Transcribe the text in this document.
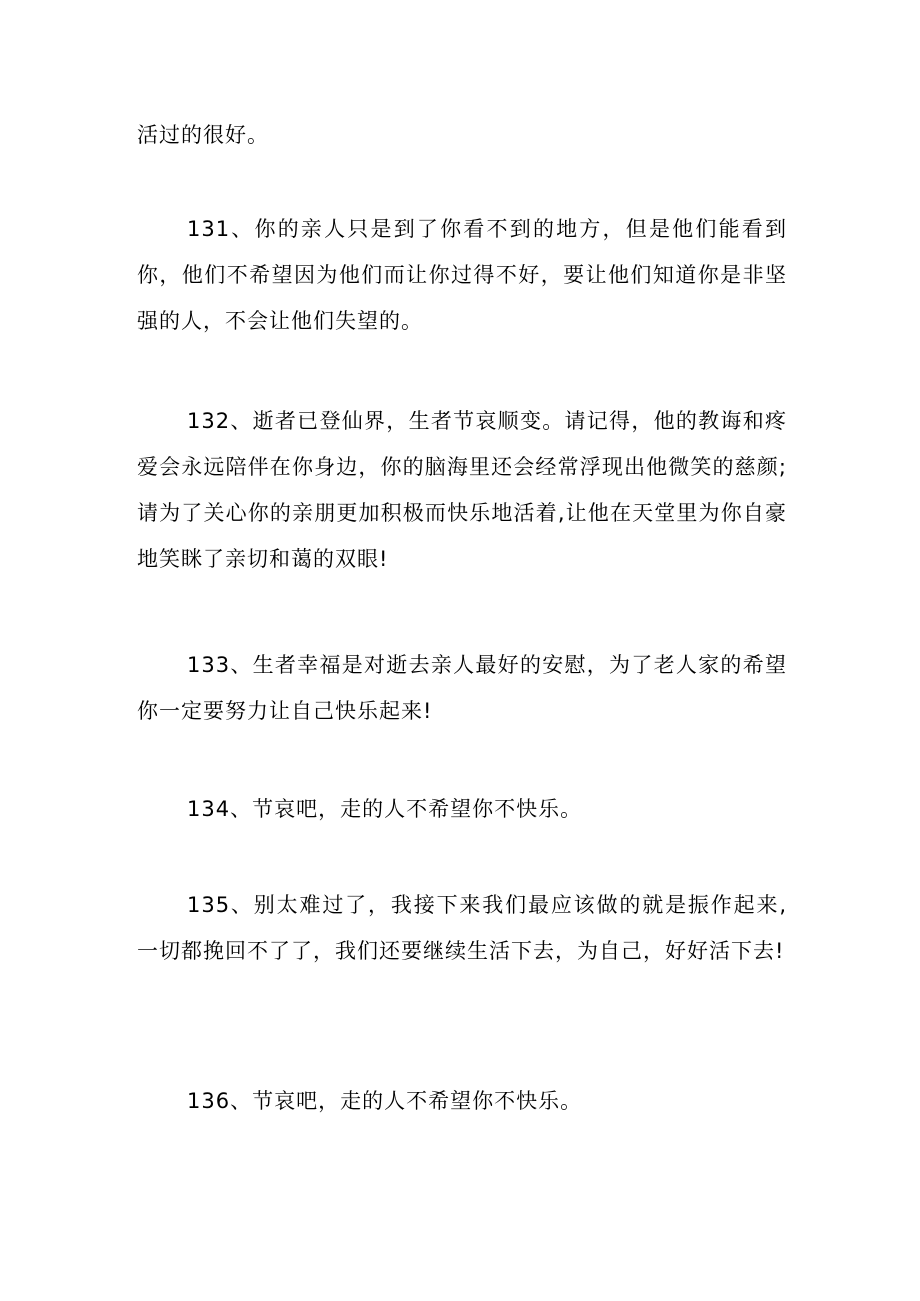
活过的很好。

131、你的亲人只是到了你看不到的地方，但是他们能看到你，他们不希望因为他们而让你过得不好，要让他们知道你是非坚强的人，不会让他们失望的。

132、逝者已登仙界，生者节哀顺变。请记得，他的教诲和疼爱会永远陪伴在你身边，你的脑海里还会经常浮现出他微笑的慈颜;请为了关心你的亲朋更加积极而快乐地活着,让他在天堂里为你自豪地笑眯了亲切和蔼的双眼!

133、生者幸福是对逝去亲人最好的安慰，为了老人家的希望你一定要努力让自己快乐起来!

134、节哀吧，走的人不希望你不快乐。

135、别太难过了，我接下来我们最应该做的就是振作起来,一切都挽回不了了，我们还要继续生活下去，为自己，好好活下去!

136、节哀吧，走的人不希望你不快乐。
